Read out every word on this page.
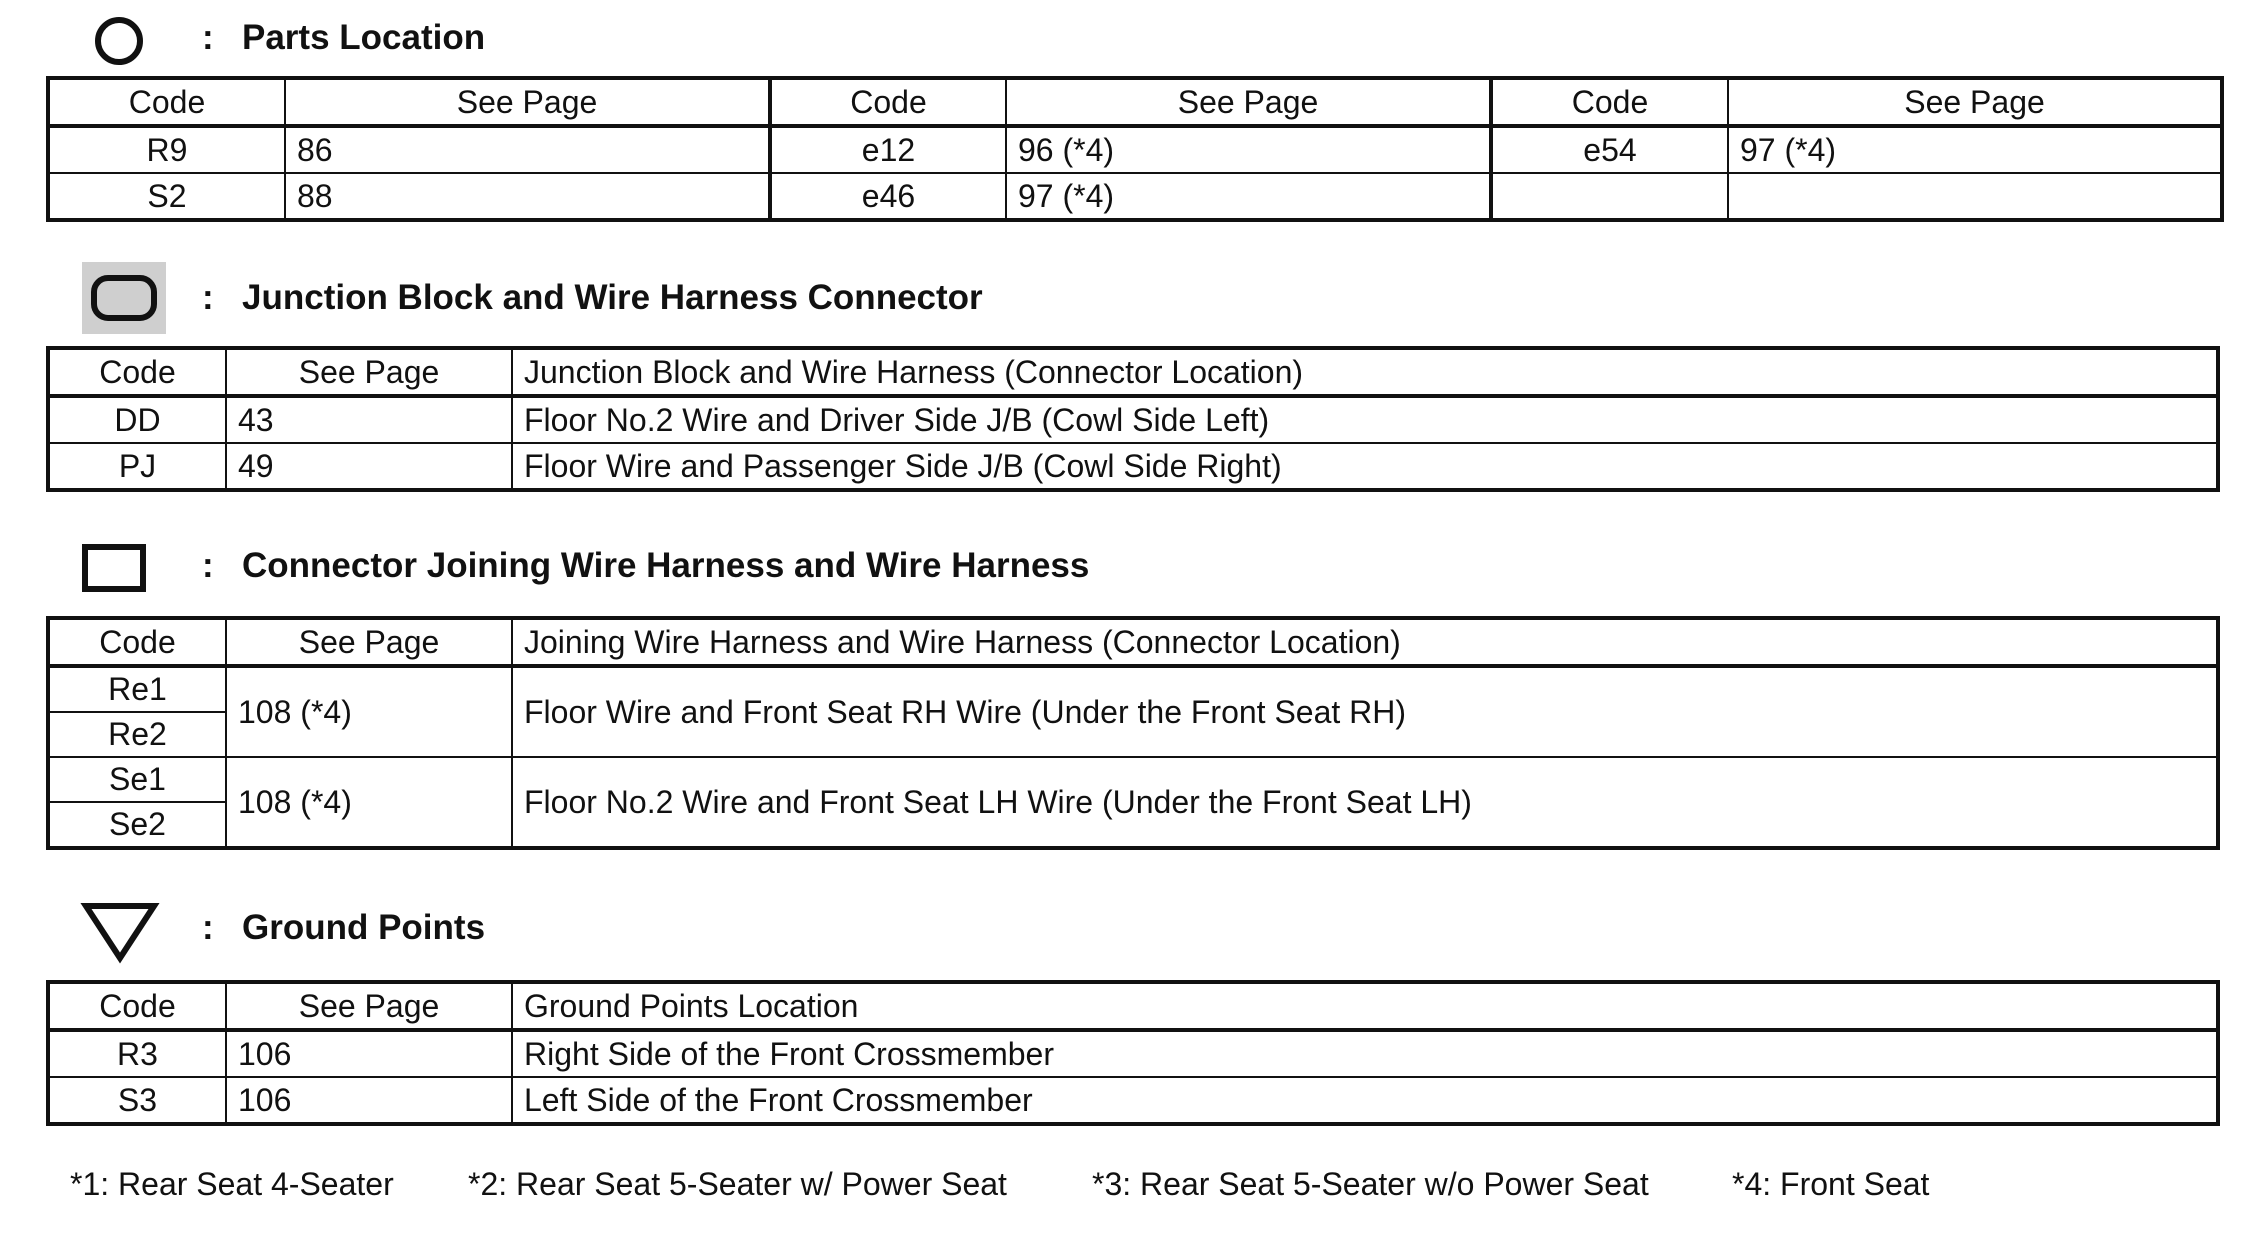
: Parts Location
Code	See Page	Code	See Page	Code	See Page
R9	86	e12	96 (*4)	e54	97 (*4)
S2	88	e46	97 (*4)		
: Junction Block and Wire Harness Connector
Code	See Page	Junction Block and Wire Harness (Connector Location)
DD	43	Floor No.2 Wire and Driver Side J/B (Cowl Side Left)
PJ	49	Floor Wire and Passenger Side J/B (Cowl Side Right)
: Connector Joining Wire Harness and Wire Harness
Code	See Page	Joining Wire Harness and Wire Harness (Connector Location)
Re1	108 (*4)	Floor Wire and Front Seat RH Wire (Under the Front Seat RH)
Re2		
Se1	108 (*4)	Floor No.2 Wire and Front Seat LH Wire (Under the Front Seat LH)
Se2		
: Ground Points
Code	See Page	Ground Points Location
R3	106	Right Side of the Front Crossmember
S3	106	Left Side of the Front Crossmember
*1: Rear Seat 4-Seater *2: Rear Seat 5-Seater w/ Power Seat	*3: Rear Seat 5-Seater w/o Power Seat	*4: Front Seat
